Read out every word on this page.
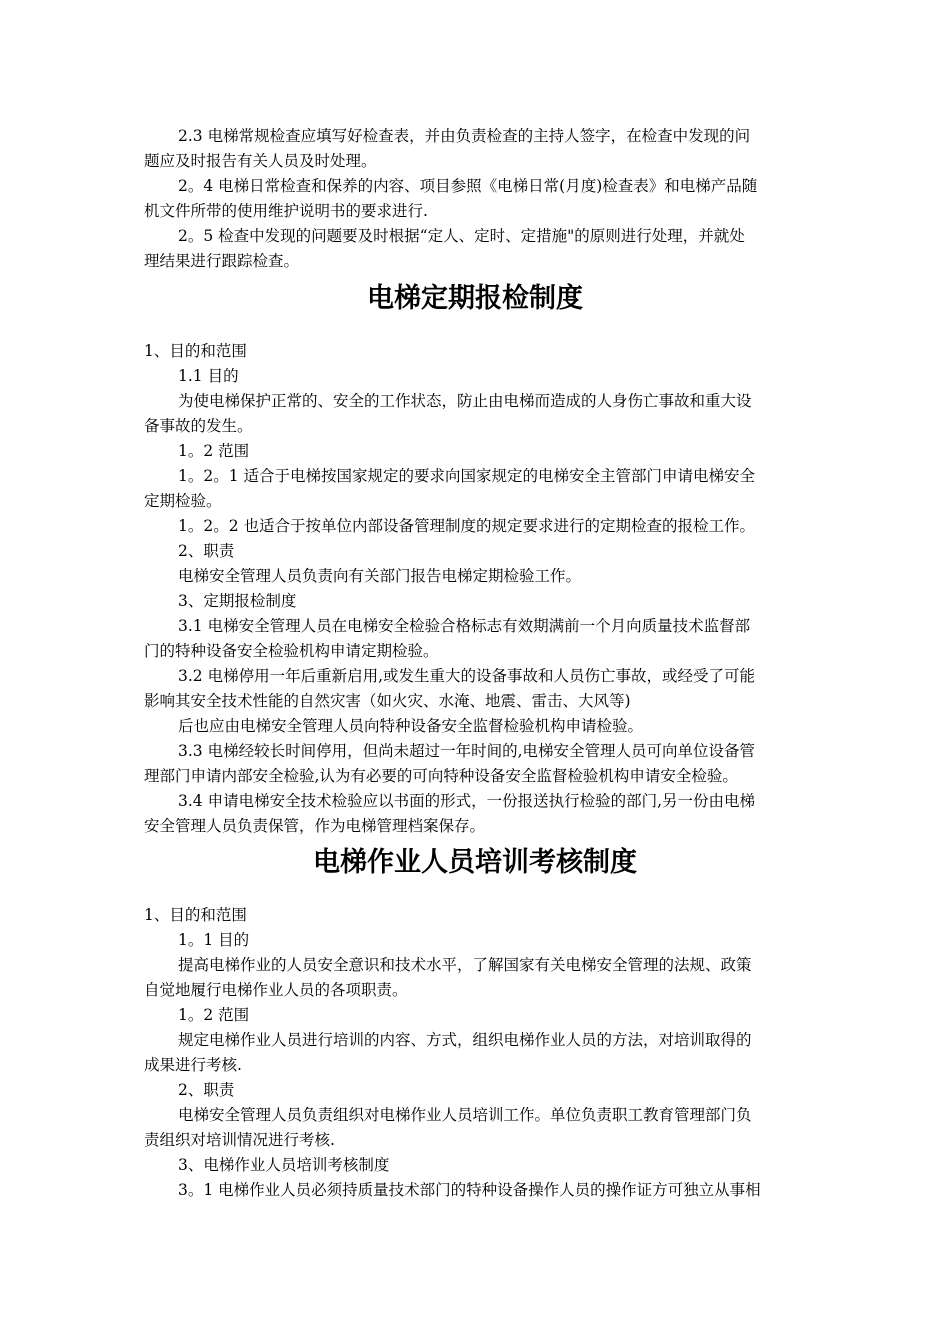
2.3 电梯常规检查应填写好检查表，并由负责检查的主持人签字，在检查中发现的问

题应及时报告有关人员及时处理。

2。4 电梯日常检查和保养的内容、项目参照《电梯日常(月度)检查表》和电梯产品随

机文件所带的使用维护说明书的要求进行.

2。5 检查中发现的问题要及时根据“定人、定时、定措施"的原则进行处理，并就处

理结果进行跟踪检查。

电梯定期报检制度

1、目的和范围

1.1 目的

为使电梯保护正常的、安全的工作状态，防止由电梯而造成的人身伤亡事故和重大设

备事故的发生。

1。2 范围

1。2。1 适合于电梯按国家规定的要求向国家规定的电梯安全主管部门申请电梯安全

定期检验。

1。2。2 也适合于按单位内部设备管理制度的规定要求进行的定期检查的报检工作。

2、职责

电梯安全管理人员负责向有关部门报告电梯定期检验工作。

3、定期报检制度

3.1 电梯安全管理人员在电梯安全检验合格标志有效期满前一个月向质量技术监督部

门的特种设备安全检验机构申请定期检验。

3.2 电梯停用一年后重新启用,或发生重大的设备事故和人员伤亡事故，或经受了可能

影响其安全技术性能的自然灾害（如火灾、水淹、地震、雷击、大风等)

后也应由电梯安全管理人员向特种设备安全监督检验机构申请检验。

3.3 电梯经较长时间停用，但尚未超过一年时间的,电梯安全管理人员可向单位设备管

理部门申请内部安全检验,认为有必要的可向特种设备安全监督检验机构申请安全检验。

3.4 申请电梯安全技术检验应以书面的形式，一份报送执行检验的部门,另一份由电梯

安全管理人员负责保管，作为电梯管理档案保存。

电梯作业人员培训考核制度

1、目的和范围

1。1 目的

提高电梯作业的人员安全意识和技术水平，了解国家有关电梯安全管理的法规、政策

自觉地履行电梯作业人员的各项职责。

1。2 范围

规定电梯作业人员进行培训的内容、方式，组织电梯作业人员的方法，对培训取得的

成果进行考核.

2、职责

电梯安全管理人员负责组织对电梯作业人员培训工作。单位负责职工教育管理部门负

责组织对培训情况进行考核.

3、电梯作业人员培训考核制度

3。1 电梯作业人员必须持质量技术部门的特种设备操作人员的操作证方可独立从事相
